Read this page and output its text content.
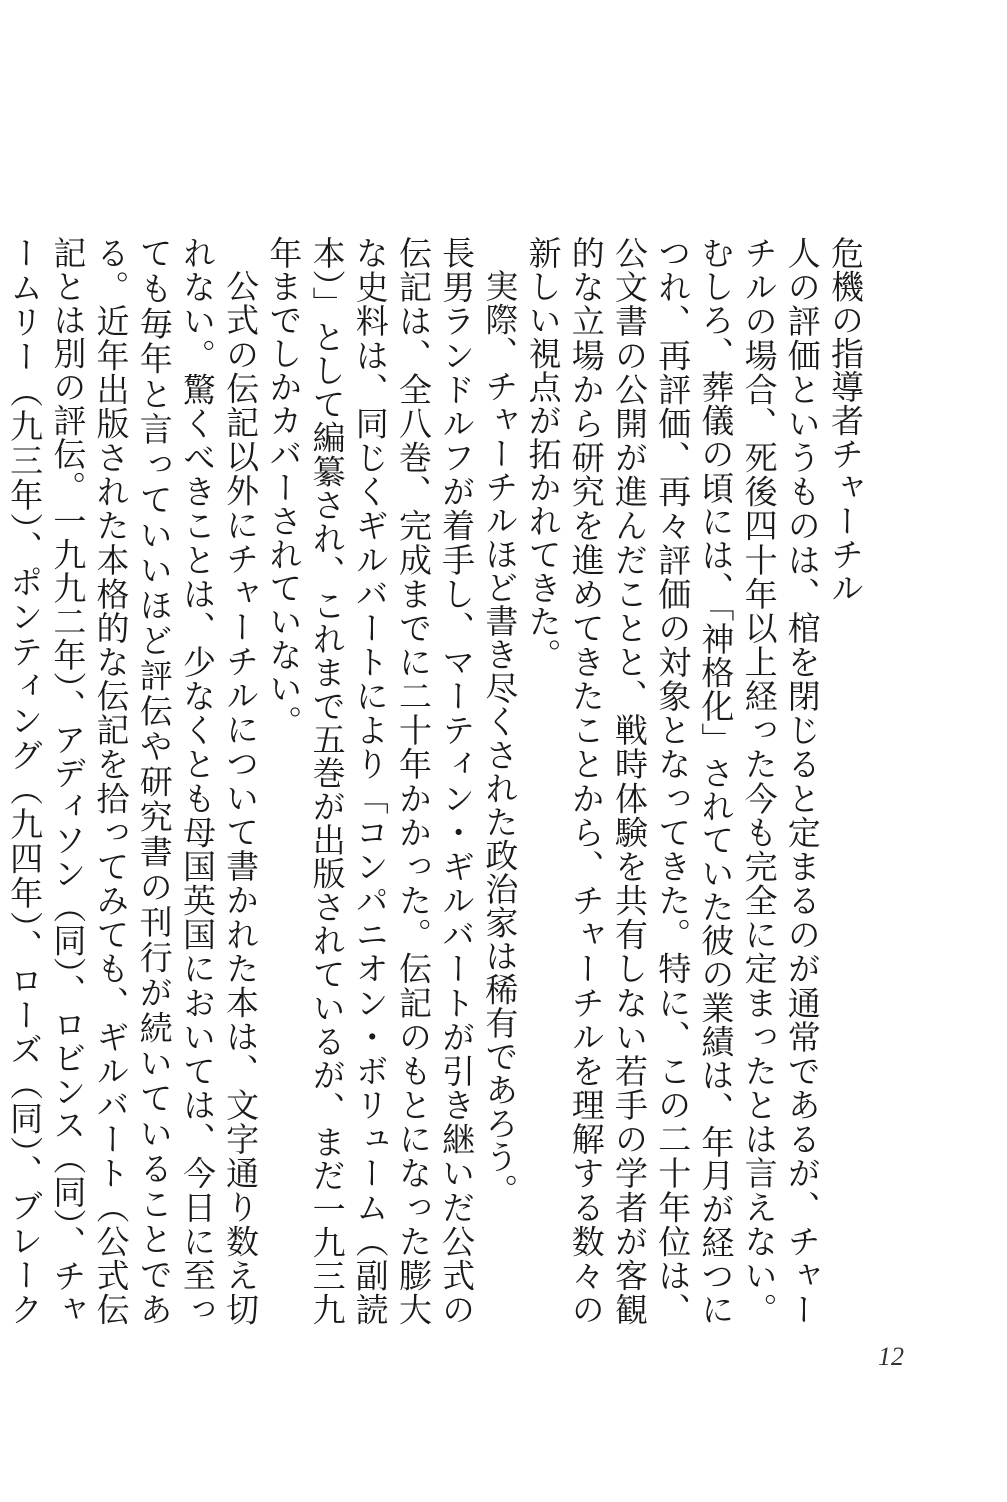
危機の指導者チャーチル

人の評価というものは、棺を閉じると定まるのが通常であるが、チャーチルの場合、死後四十年以上経った今も完全に定まったとは言えない。むしろ、葬儀の頃には、「神格化」されていた彼の業績は、年月が経つにつれ、再評価、再々評価の対象となってきた。特に、この二十年位は、公文書の公開が進んだことと、戦時体験を共有しない若手の学者が客観的な立場から研究を進めてきたことから、チャーチルを理解する数々の新しい視点が拓かれてきた。

実際、チャーチルほど書き尽くされた政治家は稀有であろう。

長男ランドルフが着手し、マーティン・ギルバートが引き継いだ公式の伝記は、全八巻、完成までに二十年かかった。伝記のもとになった膨大な史料は、同じくギルバートにより「コンパニオン・ボリューム（副読本）」として編纂され、これまで五巻が出版されているが、まだ一九三九年までしかカバーされていない。

公式の伝記以外にチャーチルについて書かれた本は、文字通り数え切れない。驚くべきことは、少なくとも母国英国においては、今日に至っても毎年と言っていいほど評伝や研究書の刊行が続いていることである。近年出版された本格的な伝記を拾ってみても、ギルバート（公式伝記とは別の評伝。一九九二年）、アディソン（同）、ロビンス（同）、チャームリー（九三年）、ポンティング（九四年）、ローズ（同）、ブレーク

12
